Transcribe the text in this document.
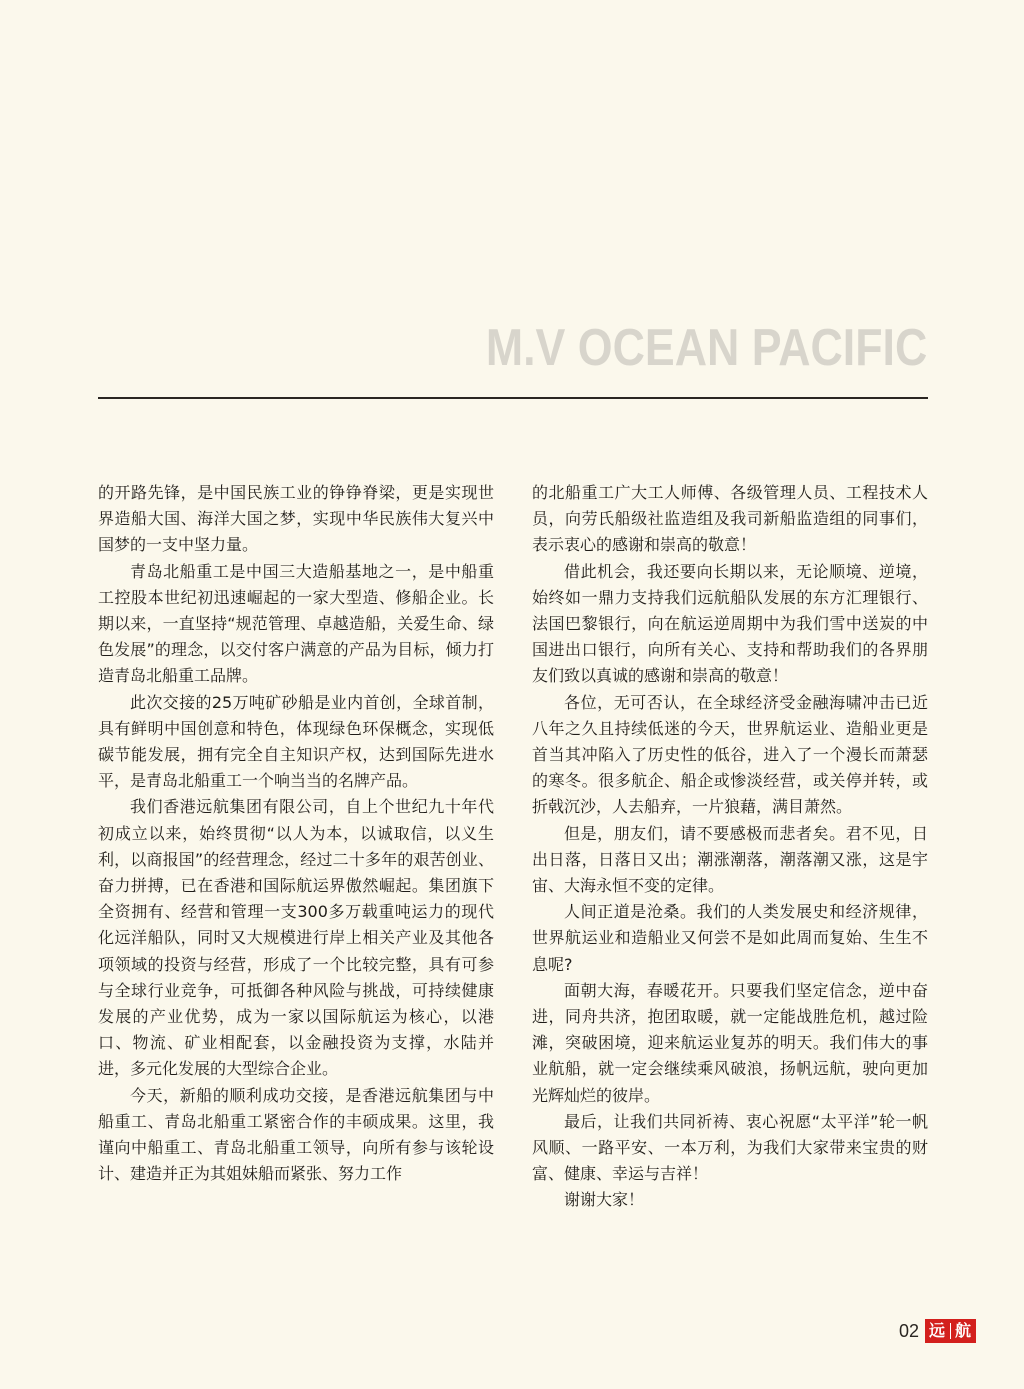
M.V OCEAN PACIFIC

的开路先锋，是中国民族工业的铮铮脊梁，更是实现世界造船大国、海洋大国之梦，实现中华民族伟大复兴中国梦的一支中坚力量。

青岛北船重工是中国三大造船基地之一，是中船重工控股本世纪初迅速崛起的一家大型造、修船企业。长期以来，一直坚持“规范管理、卓越造船，关爱生命、绿色发展”的理念，以交付客户满意的产品为目标，倾力打造青岛北船重工品牌。

此次交接的25万吨矿砂船是业内首创，全球首制，具有鲜明中国创意和特色，体现绿色环保概念，实现低碳节能发展，拥有完全自主知识产权，达到国际先进水平，是青岛北船重工一个响当当的名牌产品。

我们香港远航集团有限公司，自上个世纪九十年代初成立以来，始终贯彻“以人为本，以诚取信，以义生利，以商报国”的经营理念，经过二十多年的艰苦创业、奋力拼搏，已在香港和国际航运界傲然崛起。集团旗下全资拥有、经营和管理一支300多万载重吨运力的现代化远洋船队，同时又大规模进行岸上相关产业及其他各项领域的投资与经营，形成了一个比较完整，具有可参与全球行业竞争，可抵御各种风险与挑战，可持续健康发展的产业优势，成为一家以国际航运为核心，以港口、物流、矿业相配套，以金融投资为支撑，水陆并进，多元化发展的大型综合企业。

今天，新船的顺利成功交接，是香港远航集团与中船重工、青岛北船重工紧密合作的丰硕成果。这里，我谨向中船重工、青岛北船重工领导，向所有参与该轮设计、建造并正为其姐妹船而紧张、努力工作

的北船重工广大工人师傅、各级管理人员、工程技术人员，向劳氏船级社监造组及我司新船监造组的同事们，表示衷心的感谢和崇高的敬意！

借此机会，我还要向长期以来，无论顺境、逆境，始终如一鼎力支持我们远航船队发展的东方汇理银行、法国巴黎银行，向在航运逆周期中为我们雪中送炭的中国进出口银行，向所有关心、支持和帮助我们的各界朋友们致以真诚的感谢和崇高的敬意！

各位，无可否认，在全球经济受金融海啸冲击已近八年之久且持续低迷的今天，世界航运业、造船业更是首当其冲陷入了历史性的低谷，进入了一个漫长而萧瑟的寒冬。很多航企、船企或惨淡经营，或关停并转，或折戟沉沙，人去船弃，一片狼藉，满目萧然。

但是，朋友们，请不要感极而悲者矣。君不见，日出日落，日落日又出；潮涨潮落，潮落潮又涨，这是宇宙、大海永恒不变的定律。

人间正道是沧桑。我们的人类发展史和经济规律，世界航运业和造船业又何尝不是如此周而复始、生生不息呢?

面朝大海，春暖花开。只要我们坚定信念，逆中奋进，同舟共济，抱团取暖，就一定能战胜危机，越过险滩，突破困境，迎来航运业复苏的明天。我们伟大的事业航船，就一定会继续乘风破浪，扬帆远航，驶向更加光辉灿烂的彼岸。

最后，让我们共同祈祷、衷心祝愿“太平洋”轮一帆风顺、一路平安、一本万利，为我们大家带来宝贵的财富、健康、幸运与吉祥！

谢谢大家！

02 远 航
